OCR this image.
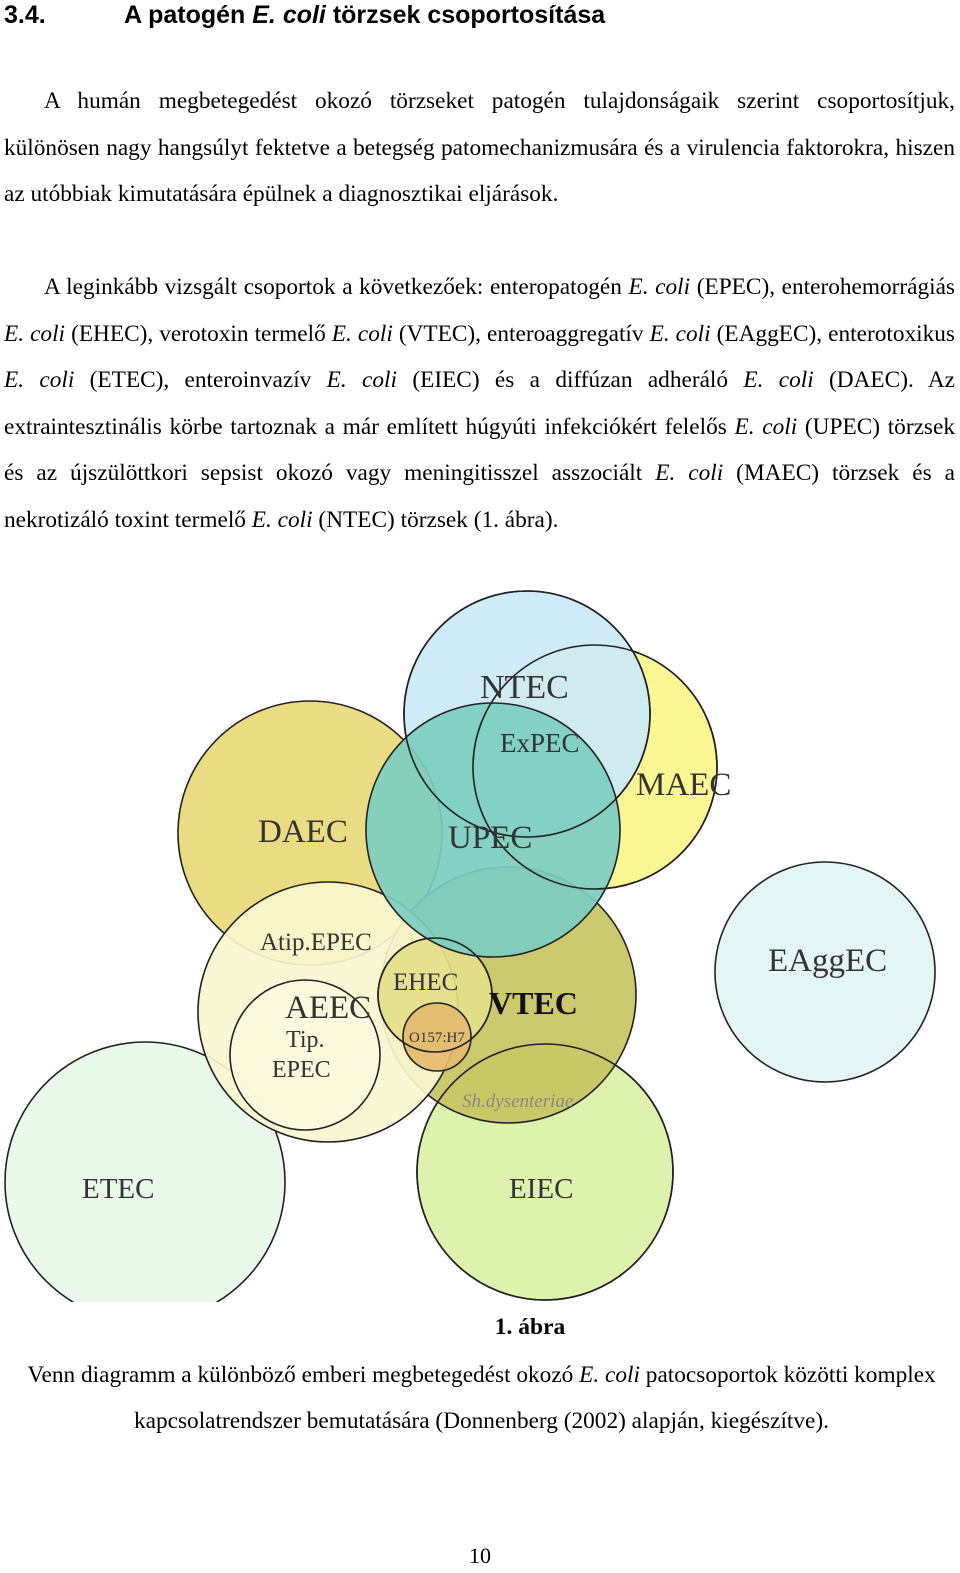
3.4.	A patogén E. coli törzsek csoportosítása

A humán megbetegedést okozó törzseket patogén tulajdonságaik szerint csoportosítjuk, különösen nagy hangsúlyt fektetve a betegség patomechanizmusára és a virulencia faktorokra, hiszen az utóbbiak kimutatására épülnek a diagnosztikai eljárások.

A leginkább vizsgált csoportok a következőek: enteropatogén E. coli (EPEC), enterohemorrágiás E. coli (EHEC), verotoxin termelő E. coli (VTEC), enteroaggregatív E. coli (EAggEC), enterotoxikus E. coli (ETEC), enteroinvazív E. coli (EIEC) és a diffúzan adheráló E. coli (DAEC). Az extraintesztinális körbe tartoznak a már említett húgyúti infekciókért felelős E. coli (UPEC) törzsek és az újszülöttkori sepsist okozó vagy meningitisszel asszociált E. coli (MAEC) törzsek és a nekrotizáló toxint termelő E. coli (NTEC) törzsek (1. ábra).

NTEC
ExPEC
MAEC
DAEC	UPEC
Atip.EPEC
AEEC
Tip.
EPEC
EHEC
O157:H7
VTEC
Sh.dysenteriae
EAggEC
ETEC	EIEC
1. ábra

Venn diagramm a különböző emberi megbetegedést okozó E. coli patocsoportok közötti komplex kapcsolatrendszer bemutatására (Donnenberg (2002) alapján, kiegészítve).

10
